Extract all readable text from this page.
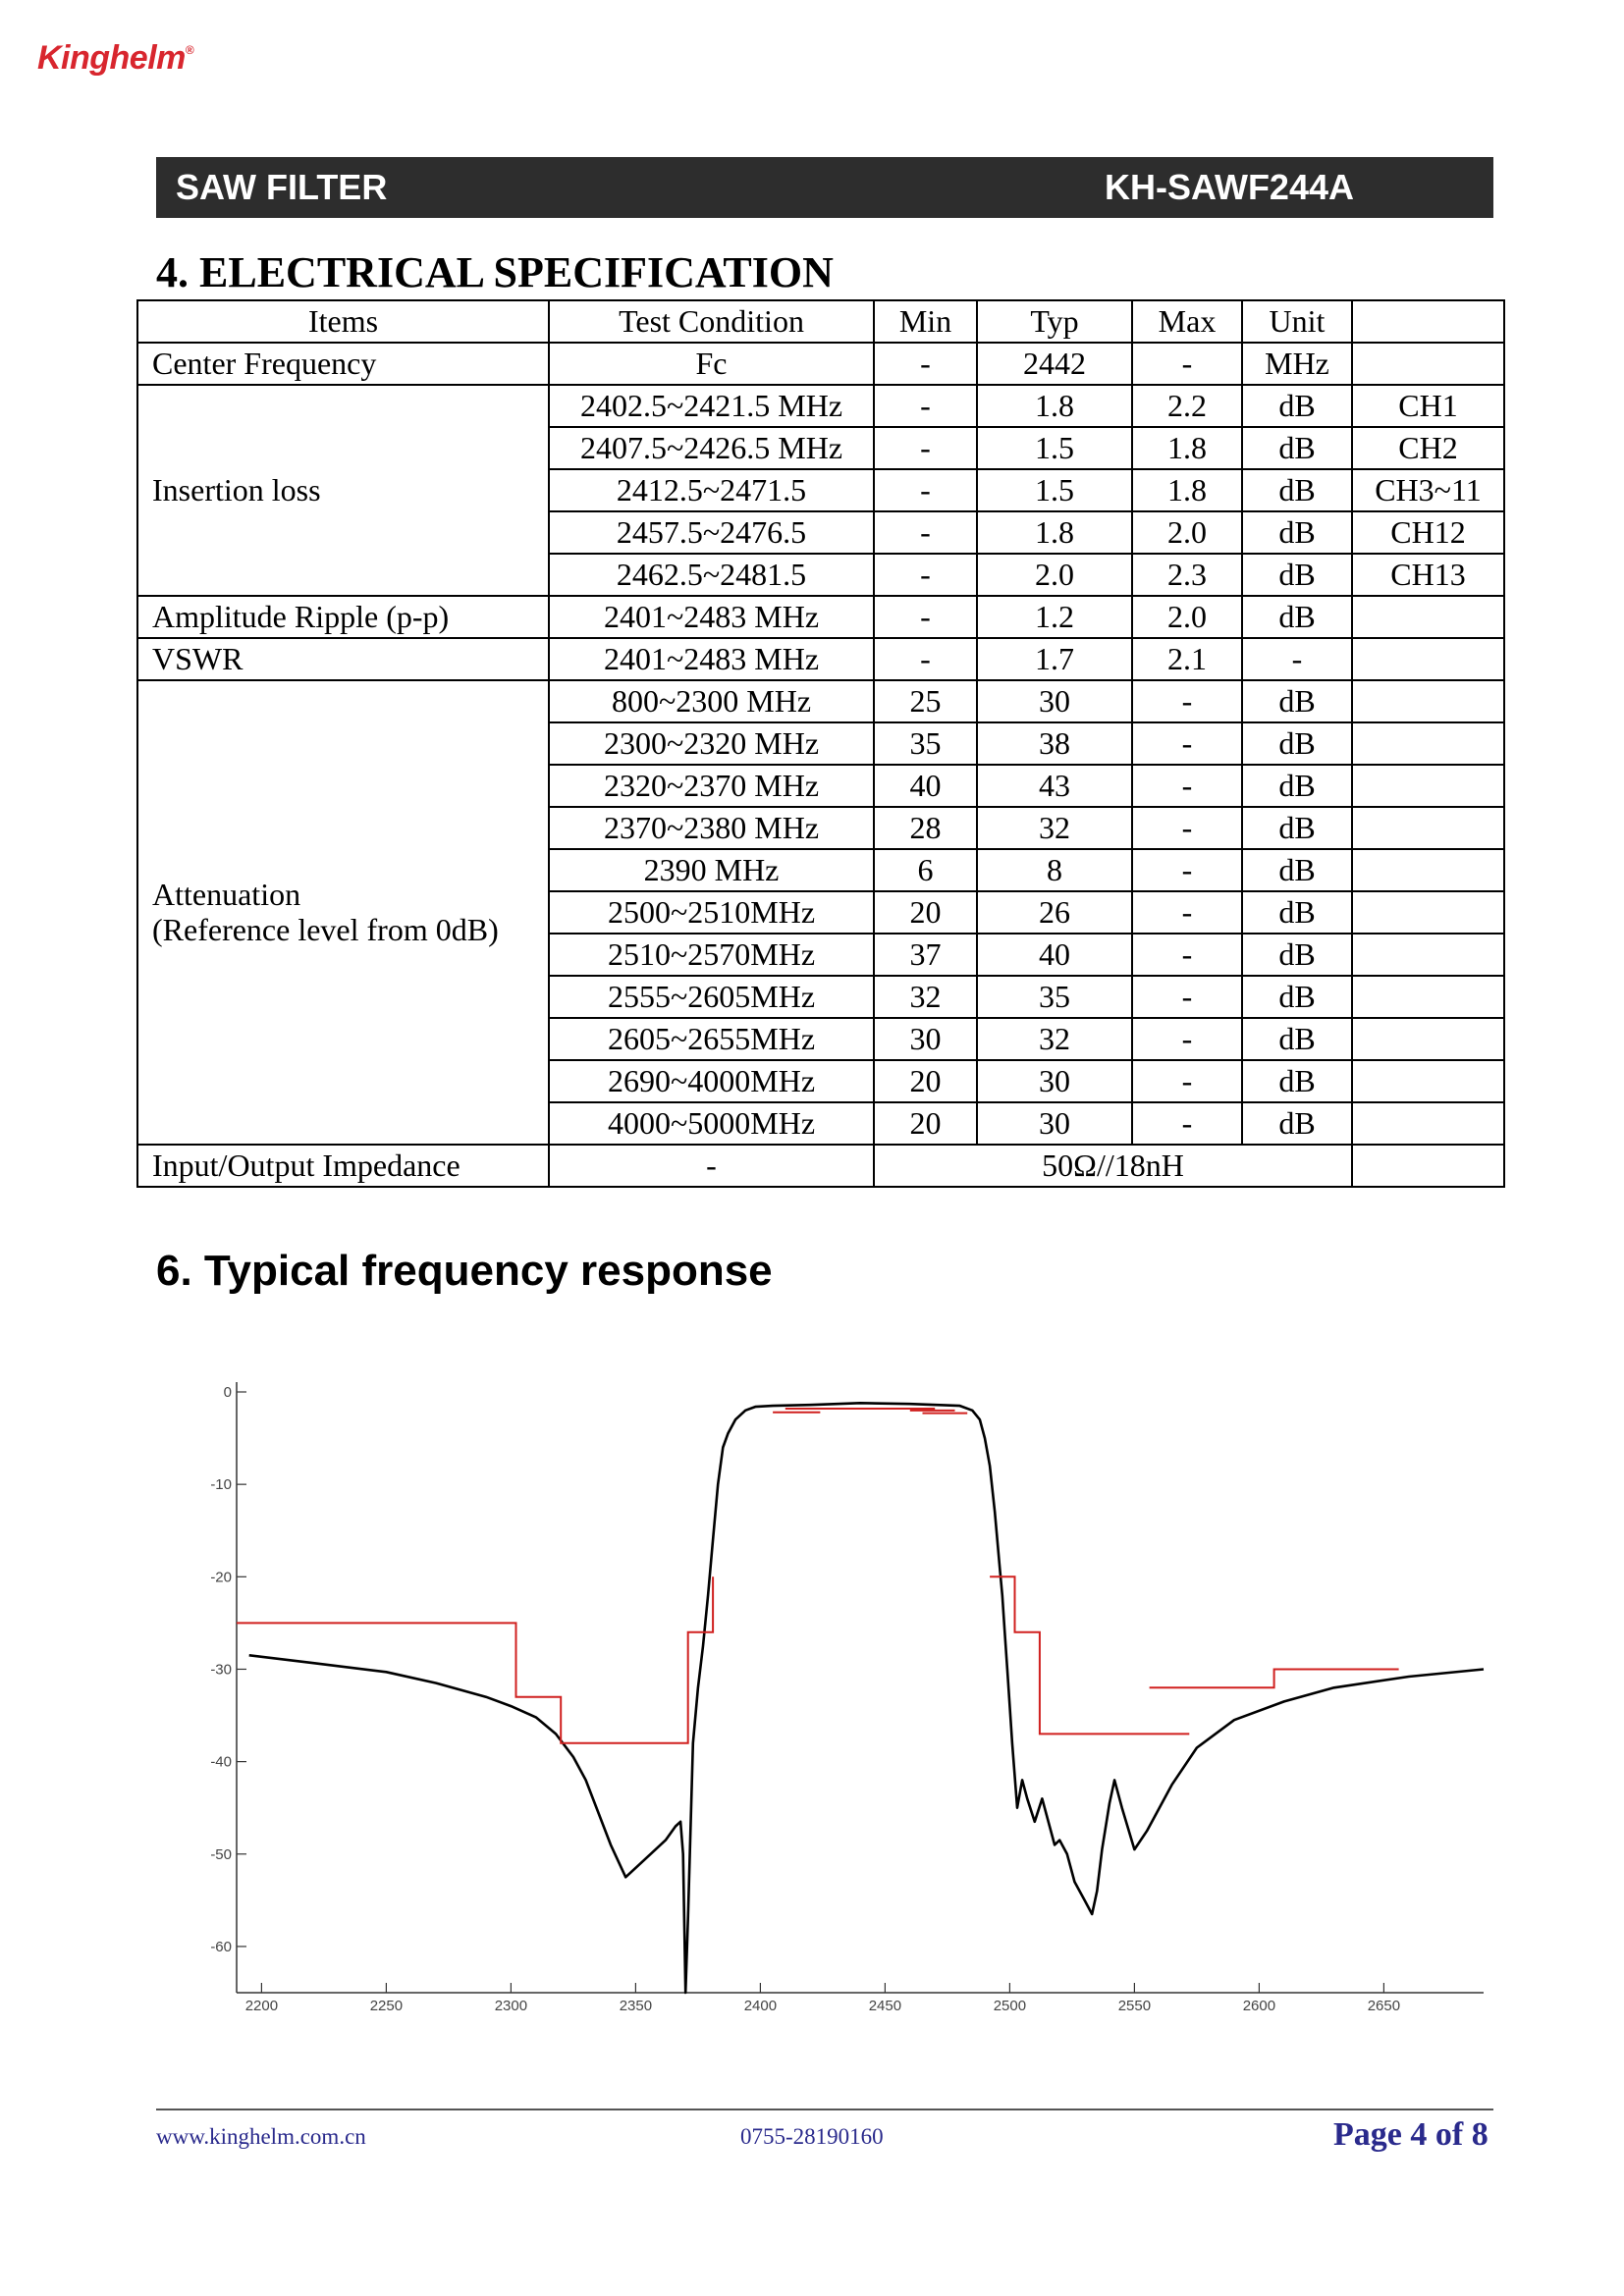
Kinghelm®
SAW FILTER	KH-SAWF244A
4. ELECTRICAL SPECIFICATION
Items	Test Condition	Min	Typ	Max	Unit	
Center Frequency	Fc	-	2442	-	MHz	
Insertion loss	2402.5~2421.5 MHz	-	1.8	2.2	dB	CH1
	2407.5~2426.5 MHz	-	1.5	1.8	dB	CH2
	2412.5~2471.5	-	1.5	1.8	dB	CH3~11
	2457.5~2476.5	-	1.8	2.0	dB	CH12
	2462.5~2481.5	-	2.0	2.3	dB	CH13
Amplitude Ripple (p-p)	2401~2483 MHz	-	1.2	2.0	dB	
VSWR	2401~2483 MHz	-	1.7	2.1	-	
Attenuation
(Reference level from 0dB)	800~2300 MHz	25	30	-	dB	
	2300~2320 MHz	35	38	-	dB	
	2320~2370 MHz	40	43	-	dB	
	2370~2380 MHz	28	32	-	dB	
	2390 MHz	6	8	-	dB	
	2500~2510MHz	20	26	-	dB	
	2510~2570MHz	37	40	-	dB	
	2555~2605MHz	32	35	-	dB	
	2605~2655MHz	30	32	-	dB	
	2690~4000MHz	20	30	-	dB	
	4000~5000MHz	20	30	-	dB	
Input/Output Impedance	-	50Ω//18nH				
6. Typical frequency response
0
-10
-20
-30
-40
-50
-60
2200	2250	2300	2350	2400	2450	2500	2550	2600	2650
www.kinghelm.com.cn	0755-28190160	Page 4 of 8
